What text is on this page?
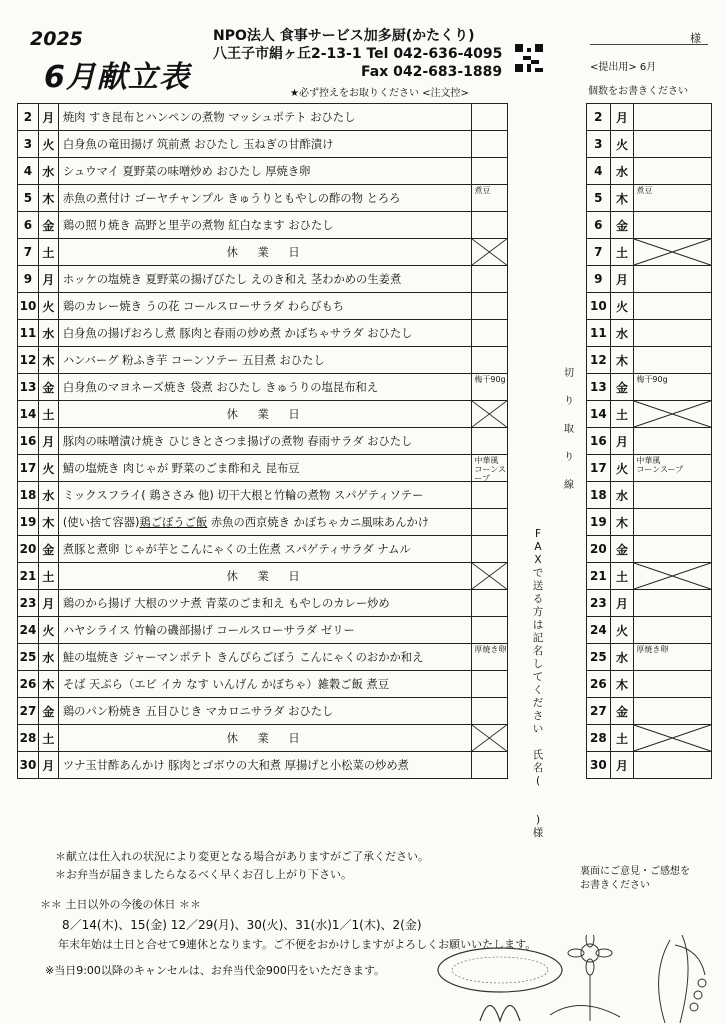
2025
6月献立表
NPO法人 食事サービス加多厨(かたくり)
八王子市絹ヶ丘2-13-1 Tel 042-636-4095
Fax 042-683-1889
様
<提出用> 6月
個数をお書きください
★必ず控えをお取りください <注文控>
2	月	焼肉 すき昆布とハンペンの煮物 マッシュポテト おひたし	
3	火	白身魚の竜田揚げ 筑前煮 おひたし 玉ねぎの甘酢漬け	
4	水	シュウマイ 夏野菜の味噌炒め おひたし 厚焼き卵	
5	木	赤魚の煮付け ゴーヤチャンプル きゅうりともやしの酢の物 とろろ	煮豆

6	金	鶏の照り焼き 高野と里芋の煮物 紅白なます おひたし	
7	土	休 業 日	

9	月	ホッケの塩焼き 夏野菜の揚げびたし えのき和え 茎わかめの生姜煮	
10	火	鶏のカレー焼き うの花 コールスローサラダ わらびもち	
11	水	白身魚の揚げおろし煮 豚肉と春雨の炒め煮 かぼちゃサラダ おひたし	
12	木	ハンバーグ 粉ふき芋 コーンソテー 五目煮 おひたし	
13	金	白身魚のマヨネーズ焼き 袋煮 おひたし きゅうりの塩昆布和え	梅干90g

14	土	休 業 日	

16	月	豚肉の味噌漬け焼き ひじきとさつま揚げの煮物 春雨サラダ おひたし	
17	火	鯖の塩焼き 肉じゃが 野菜のごま酢和え 昆布豆	中華風
コーンスープ

18	水	ミックスフライ( 鶏ささみ 他) 切干大根と竹輪の煮物 スパゲティソテー	
19	木	(使い捨て容器)鶏ごぼうご飯 赤魚の西京焼き かぼちゃカニ風味あんかけ	
20	金	煮豚と煮卵 じゃが芋とこんにゃくの土佐煮 スパゲティサラダ ナムル	
21	土	休 業 日	

23	月	鶏のから揚げ 大根のツナ煮 青菜のごま和え もやしのカレー炒め	
24	火	ハヤシライス 竹輪の磯部揚げ コールスローサラダ ゼリー	
25	水	鮭の塩焼き ジャーマンポテト きんぴらごぼう こんにゃくのおかか和え	厚焼き卵

26	木	そば 天ぷら（エビ イカ なす いんげん かぼちゃ）雑穀ご飯 煮豆	
27	金	鶏のパン粉焼き 五目ひじき マカロニサラダ おひたし	
28	土	休 業 日	

30	月	ツナ玉甘酢あんかけ 豚肉とゴボウの大和煮 厚揚げと小松菜の炒め煮	
2	月	
3	火	
4	水	
5	木	煮豆

6	金	
7	土	

9	月	
10	火	
11	水	
12	木	
13	金	梅干90g

14	土	

16	月	
17	火	中華風
コーンスープ

18	水	
19	木	
20	金	
21	土	

23	月	
24	火	
25	水	厚焼き卵

26	木	
27	金	
28	土	

30	月	
切
り
取
り
線
F
A
X
で
送
る
方
は
記
名
し
て
く
だ
さ
い

氏
名
(

)
様
＊献立は仕入れの状況により変更となる場合がありますがご了承ください。
＊お弁当が届きましたらなるべく早くお召し上がり下さい。	裏面にご意見・ご感想を
お書きください
＊＊ 土日以外の今後の休日 ＊＊
8／14(木)、15(金) 12／29(月)、30(火)、31(水)1／1(木)、2(金)
年末年始は土日と合せて9連休となります。ご不便をおかけしますがよろしくお願いいたします。
※当日9:00以降のキャンセルは、お弁当代金900円をいただきます。
